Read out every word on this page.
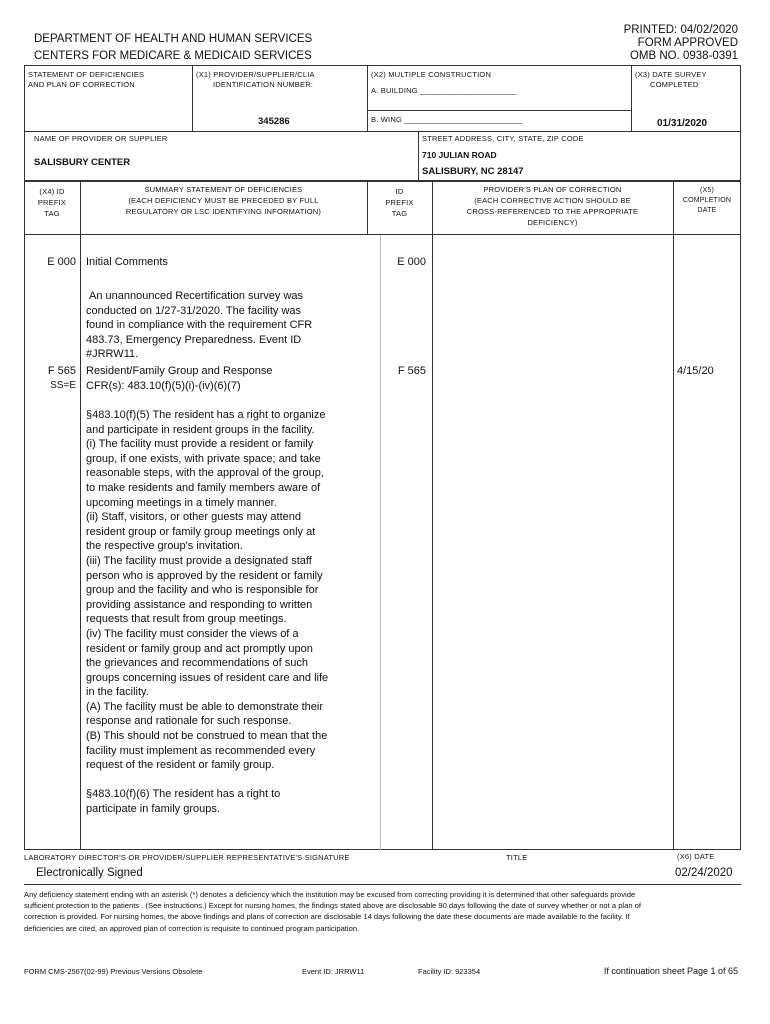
PRINTED: 04/02/2020
FORM APPROVED
OMB NO. 0938-0391
DEPARTMENT OF HEALTH AND HUMAN SERVICES
CENTERS FOR MEDICARE & MEDICAID SERVICES
STATEMENT OF DEFICIENCIES
AND PLAN OF CORRECTION
(X1) PROVIDER/SUPPLIER/CLIA
IDENTIFICATION NUMBER:
345286
(X2) MULTIPLE CONSTRUCTION
A. BUILDING ______________________
B. WING ___________________________
(X3) DATE SURVEY
COMPLETED
01/31/2020
NAME OF PROVIDER OR SUPPLIER
SALISBURY CENTER
STREET ADDRESS, CITY, STATE, ZIP CODE
710 JULIAN ROAD
SALISBURY, NC 28147
(X4) ID
PREFIX
TAG
SUMMARY STATEMENT OF DEFICIENCIES
(EACH DEFICIENCY MUST BE PRECEDED BY FULL
REGULATORY OR LSC IDENTIFYING INFORMATION)
ID
PREFIX
TAG
PROVIDER'S PLAN OF CORRECTION
(EACH CORRECTIVE ACTION SHOULD BE
CROSS-REFERENCED TO THE APPROPRIATE
DEFICIENCY)
(X5)
COMPLETION
DATE
E 000 Initial Comments	E 000
An unannounced Recertification survey was
conducted on 1/27-31/2020. The facility was
found in compliance with the requirement CFR
483.73, Emergency Preparedness. Event ID
#JRRW11.
F 565
SS=E
Resident/Family Group and Response
CFR(s): 483.10(f)(5)(i)-(iv)(6)(7)
F 565	4/15/20
§483.10(f)(5) The resident has a right to organize
and participate in resident groups in the facility.
(i) The facility must provide a resident or family
group, if one exists, with private space; and take
reasonable steps, with the approval of the group,
to make residents and family members aware of
upcoming meetings in a timely manner.
(ii) Staff, visitors, or other guests may attend
resident group or family group meetings only at
the respective group's invitation.
(iii) The facility must provide a designated staff
person who is approved by the resident or family
group and the facility and who is responsible for
providing assistance and responding to written
requests that result from group meetings.
(iv) The facility must consider the views of a
resident or family group and act promptly upon
the grievances and recommendations of such
groups concerning issues of resident care and life
in the facility.
(A) The facility must be able to demonstrate their
response and rationale for such response.
(B) This should not be construed to mean that the
facility must implement as recommended every
request of the resident or family group.
§483.10(f)(6) The resident has a right to
participate in family groups.
LABORATORY DIRECTOR'S OR PROVIDER/SUPPLIER REPRESENTATIVE'S SIGNATURE	TITLE	(X6) DATE
Electronically Signed	02/24/2020
Any deficiency statement ending with an asterisk (*) denotes a deficiency which the institution may be excused from correcting providing it is determined that other safeguards provide sufficient protection to the patients . (See instructions.) Except for nursing homes, the findings stated above are disclosable 90 days following the date of survey whether or not a plan of correction is provided. For nursing homes, the above findings and plans of correction are disclosable 14 days following the date these documents are made available to the facility. If deficiencies are cited, an approved plan of correction is requisite to continued program participation.
FORM CMS-2567(02-99) Previous Versions Obsolete	Event ID: JRRW11	Facility ID: 923354	If continuation sheet Page 1 of 65
